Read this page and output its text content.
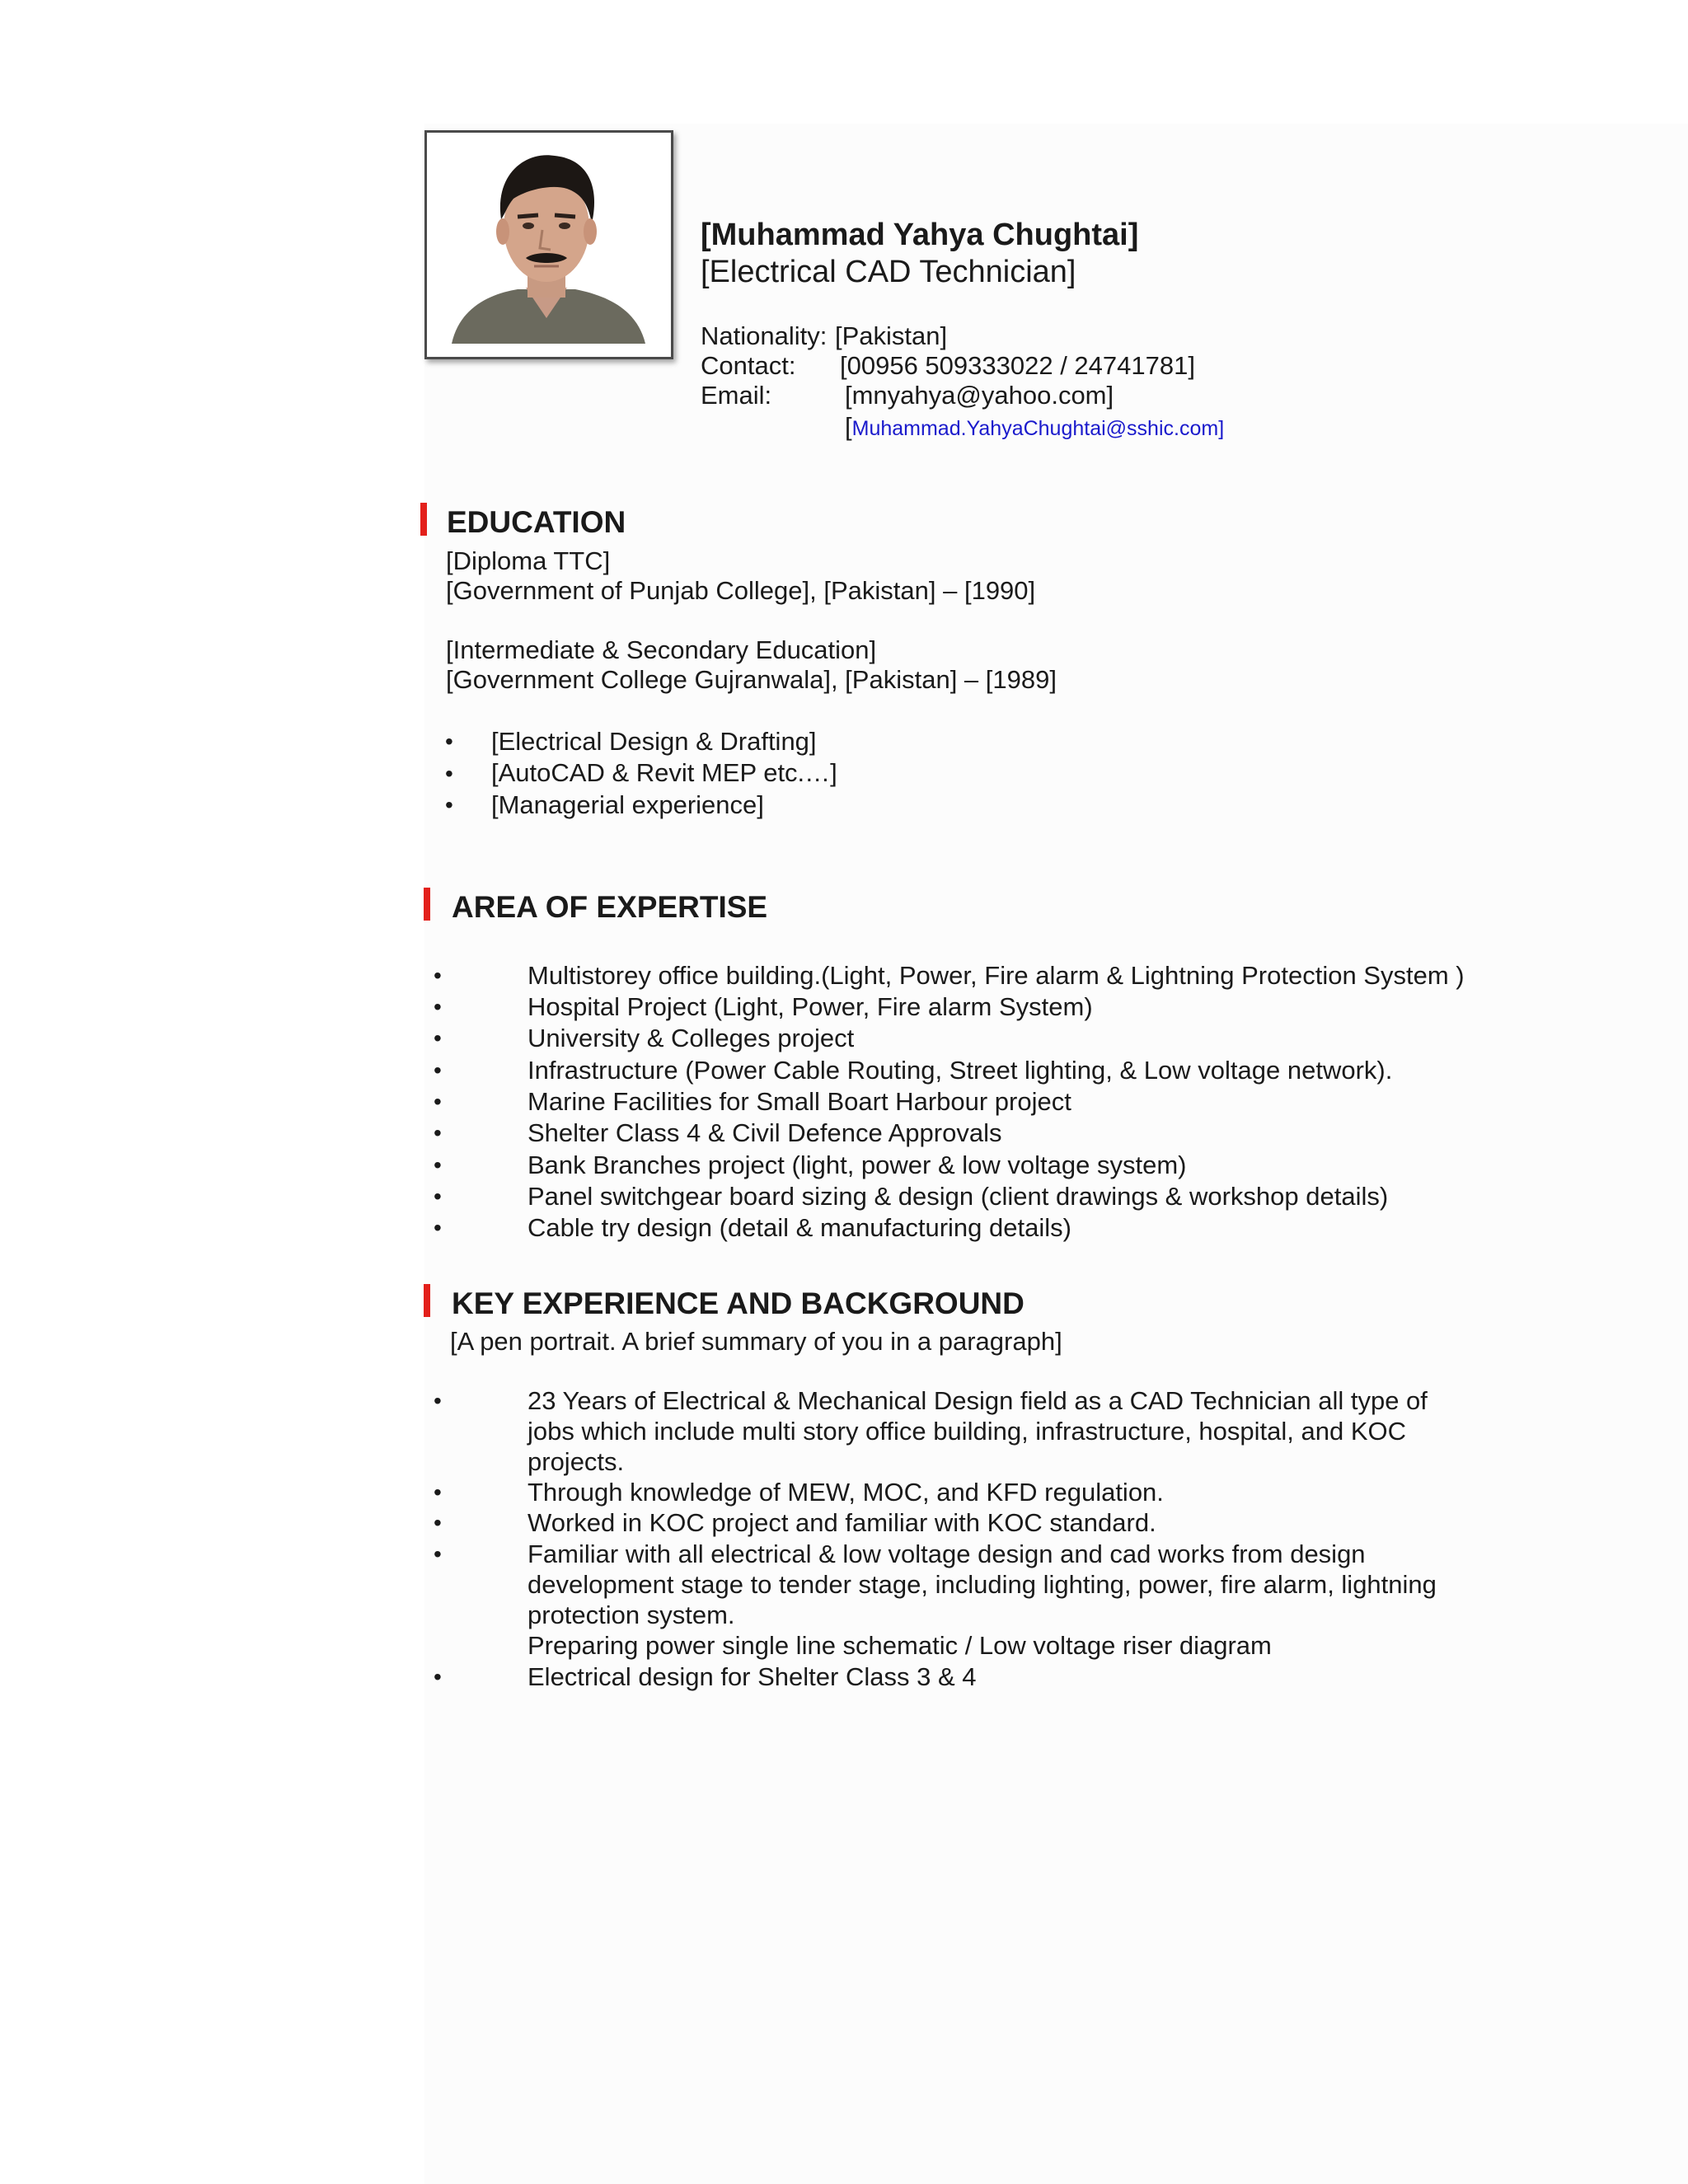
[Muhammad Yahya Chughtai]
[Electrical CAD Technician]
Nationality: [Pakistan]
Contact: [00956 509333022 / 24741781]
Email:	[mnyahya@yahoo.com]
[Muhammad.YahyaChughtai@sshic.com]
EDUCATION
[Diploma TTC]
[Government of Punjab College], [Pakistan] – [1990]
[Intermediate & Secondary Education]
[Government College Gujranwala], [Pakistan] – [1989]
• [Electrical Design & Drafting]
• [AutoCAD & Revit MEP etc.…]
• [Managerial experience]
AREA OF EXPERTISE
•	Multistorey office building.(Light, Power, Fire alarm & Lightning Protection System )
•	Hospital Project (Light, Power, Fire alarm System)
•	University & Colleges project
•	Infrastructure (Power Cable Routing, Street lighting, & Low voltage network).
•	Marine Facilities for Small Boart Harbour project
•	Shelter Class 4 & Civil Defence Approvals
•	Bank Branches project (light, power & low voltage system)
•	Panel switchgear board sizing & design (client drawings & workshop details)
•	Cable try design (detail & manufacturing details)
KEY EXPERIENCE AND BACKGROUND
[A pen portrait. A brief summary of you in a paragraph]
•	23 Years of Electrical & Mechanical Design field as a CAD Technician all type of
jobs which include multi story office building, infrastructure, hospital, and KOC
projects.
•	Through knowledge of MEW, MOC, and KFD regulation.
•	Worked in KOC project and familiar with KOC standard.
•	Familiar with all electrical & low voltage design and cad works from design
development stage to tender stage, including lighting, power, fire alarm, lightning
protection system.
Preparing power single line schematic / Low voltage riser diagram
•	Electrical design for Shelter Class 3 & 4
